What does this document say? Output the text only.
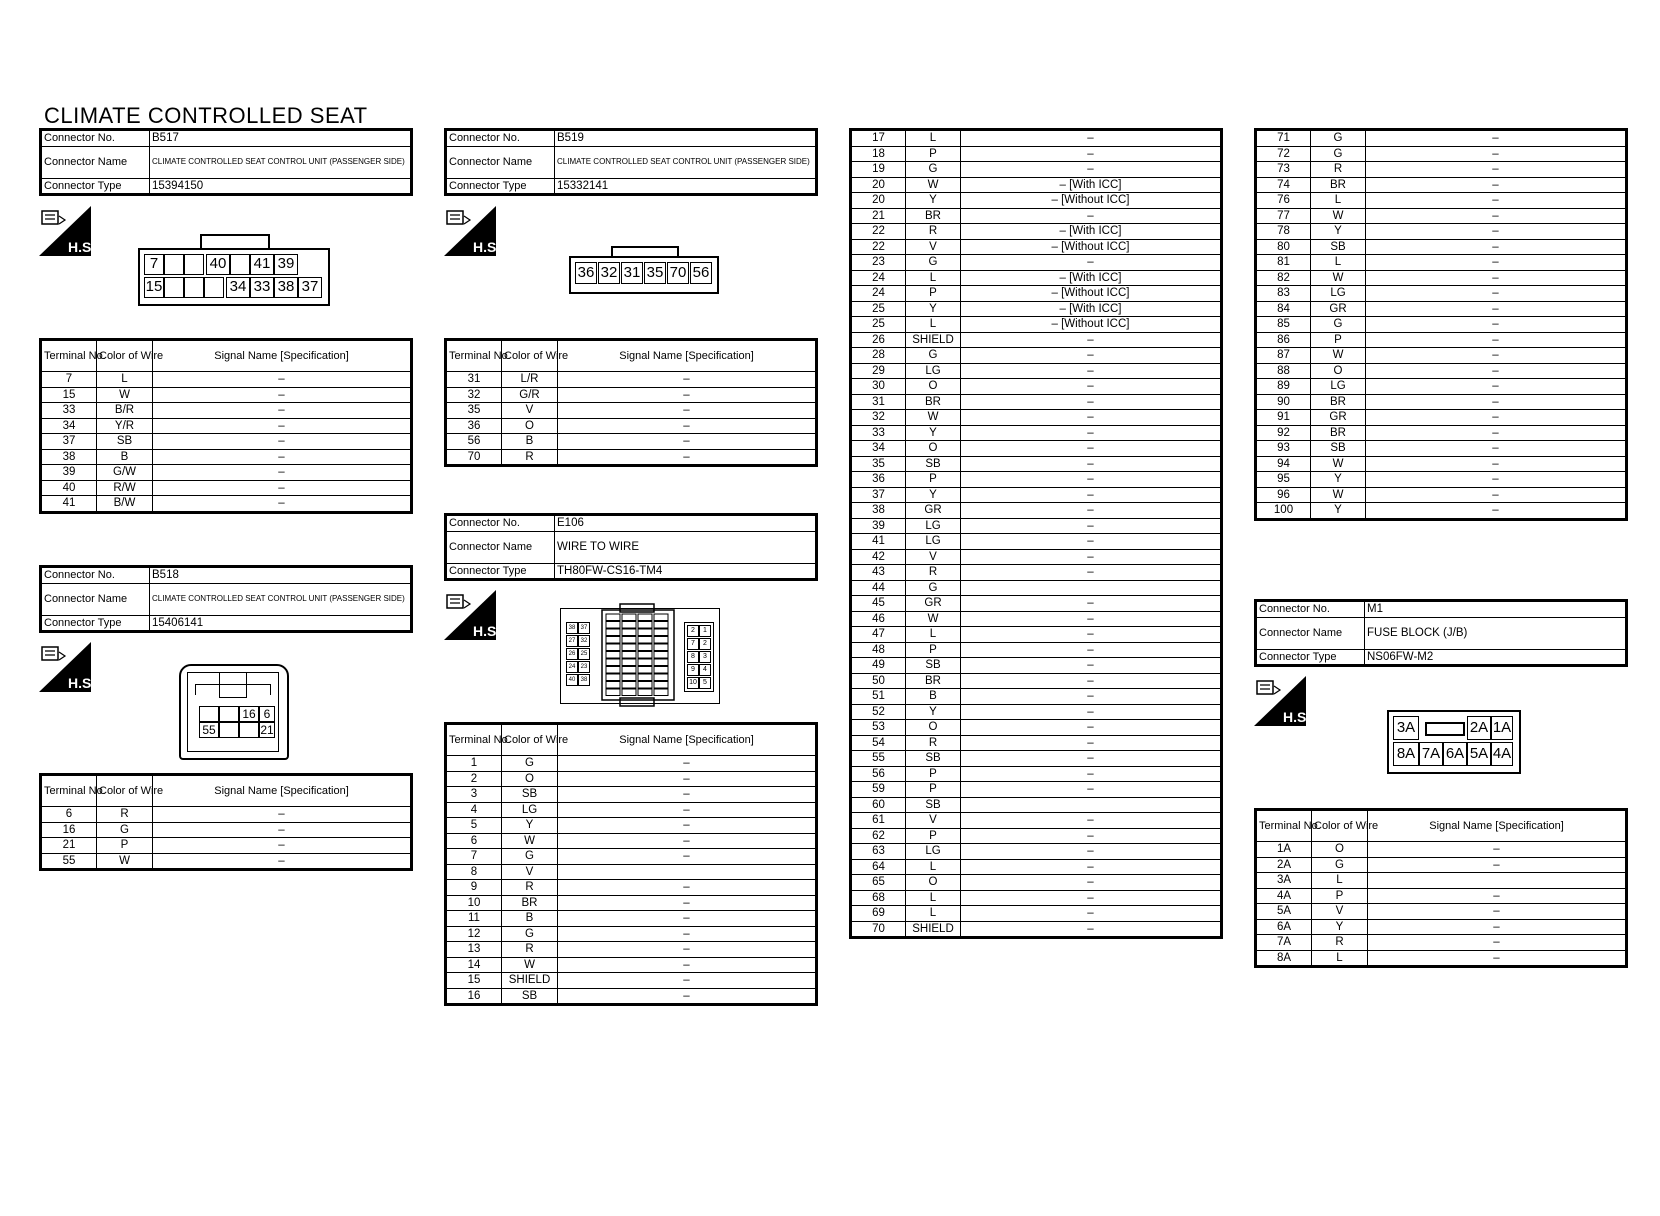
CLIMATE CONTROLLED SEAT
Connector No.	B517
Connector Name	CLIMATE CONTROLLED SEAT CONTROL UNIT (PASSENGER SIDE)
Connector Type	15394150
H.S.
7	40 41 39
15	34 33 38 37
Terminal No.	Color of Wire	Signal Name [Specification]
7	L	–
15	W	–
33	B/R	–
34	Y/R	–
37	SB	–
38	B	–
39	G/W	–
40	R/W	–
41	B/W	–
Connector No.	B518
Connector Name	CLIMATE CONTROLLED SEAT CONTROL UNIT (PASSENGER SIDE)
Connector Type	15406141
H.S.
16 6
55	21
Terminal No.	Color of Wire	Signal Name [Specification]
6	R	–
16	G	–
21	P	–
55	W	–
Connector No.	B519
Connector Name	CLIMATE CONTROLLED SEAT CONTROL UNIT (PASSENGER SIDE)
Connector Type	15332141
H.S.
36 32 31 35 70 56
Terminal No.	Color of Wire	Signal Name [Specification]
31	L/R	–
32	G/R	–
35	V	–
36	O	–
56	B	–
70	R	–
Connector No.	E106
Connector Name	WIRE TO WIRE
Connector Type	TH80FW-CS16-TM4
H.S.	38 37
27 32
26 25
24 23
40 38
2	1
7	2
8	3
9	4
10 5
Terminal No.	Color of Wire	Signal Name [Specification]
1	G	–
2	O	–
3	SB	–
4	LG	–
5	Y	–
6	W	–
7	G	–
8	V	
9	R	–
10	BR	–
11	B	–
12	G	–
13	R	–
14	W	–
15	SHIELD	–
16	SB	–
17	L	–
18	P	–
19	G	–
20	W	– [With ICC]
20	Y	– [Without ICC]
21	BR	–
22	R	– [With ICC]
22	V	– [Without ICC]
23	G	–
24	L	– [With ICC]
24	P	– [Without ICC]
25	Y	– [With ICC]
25	L	– [Without ICC]
26	SHIELD	–
28	G	–
29	LG	–
30	O	–
31	BR	–
32	W	–
33	Y	–
34	O	–
35	SB	–
36	P	–
37	Y	–
38	GR	–
39	LG	–
41	LG	–
42	V	–
43	R	–
44	G	
45	GR	–
46	W	–
47	L	–
48	P	–
49	SB	–
50	BR	–
51	B	–
52	Y	–
53	O	–
54	R	–
55	SB	–
56	P	–
59	P	–
60	SB	
61	V	–
62	P	–
63	LG	–
64	L	–
65	O	–
68	L	–
69	L	–
70	SHIELD	–
71	G	–
72	G	–
73	R	–
74	BR	–
76	L	–
77	W	–
78	Y	–
80	SB	–
81	L	–
82	W	–
83	LG	–
84	GR	–
85	G	–
86	P	–
87	W	–
88	O	–
89	LG	–
90	BR	–
91	GR	–
92	BR	–
93	SB	–
94	W	–
95	Y	–
96	W	–
100	Y	–
Connector No.	M1
Connector Name	FUSE BLOCK (J/B)
Connector Type	NS06FW-M2
H.S.
3A	2A 1A
8A 7A 6A 5A 4A
Terminal No.	Color of Wire	Signal Name [Specification]
1A	O	–
2A	G	–
3A	L	
4A	P	–
5A	V	–
6A	Y	–
7A	R	–
8A	L	–
